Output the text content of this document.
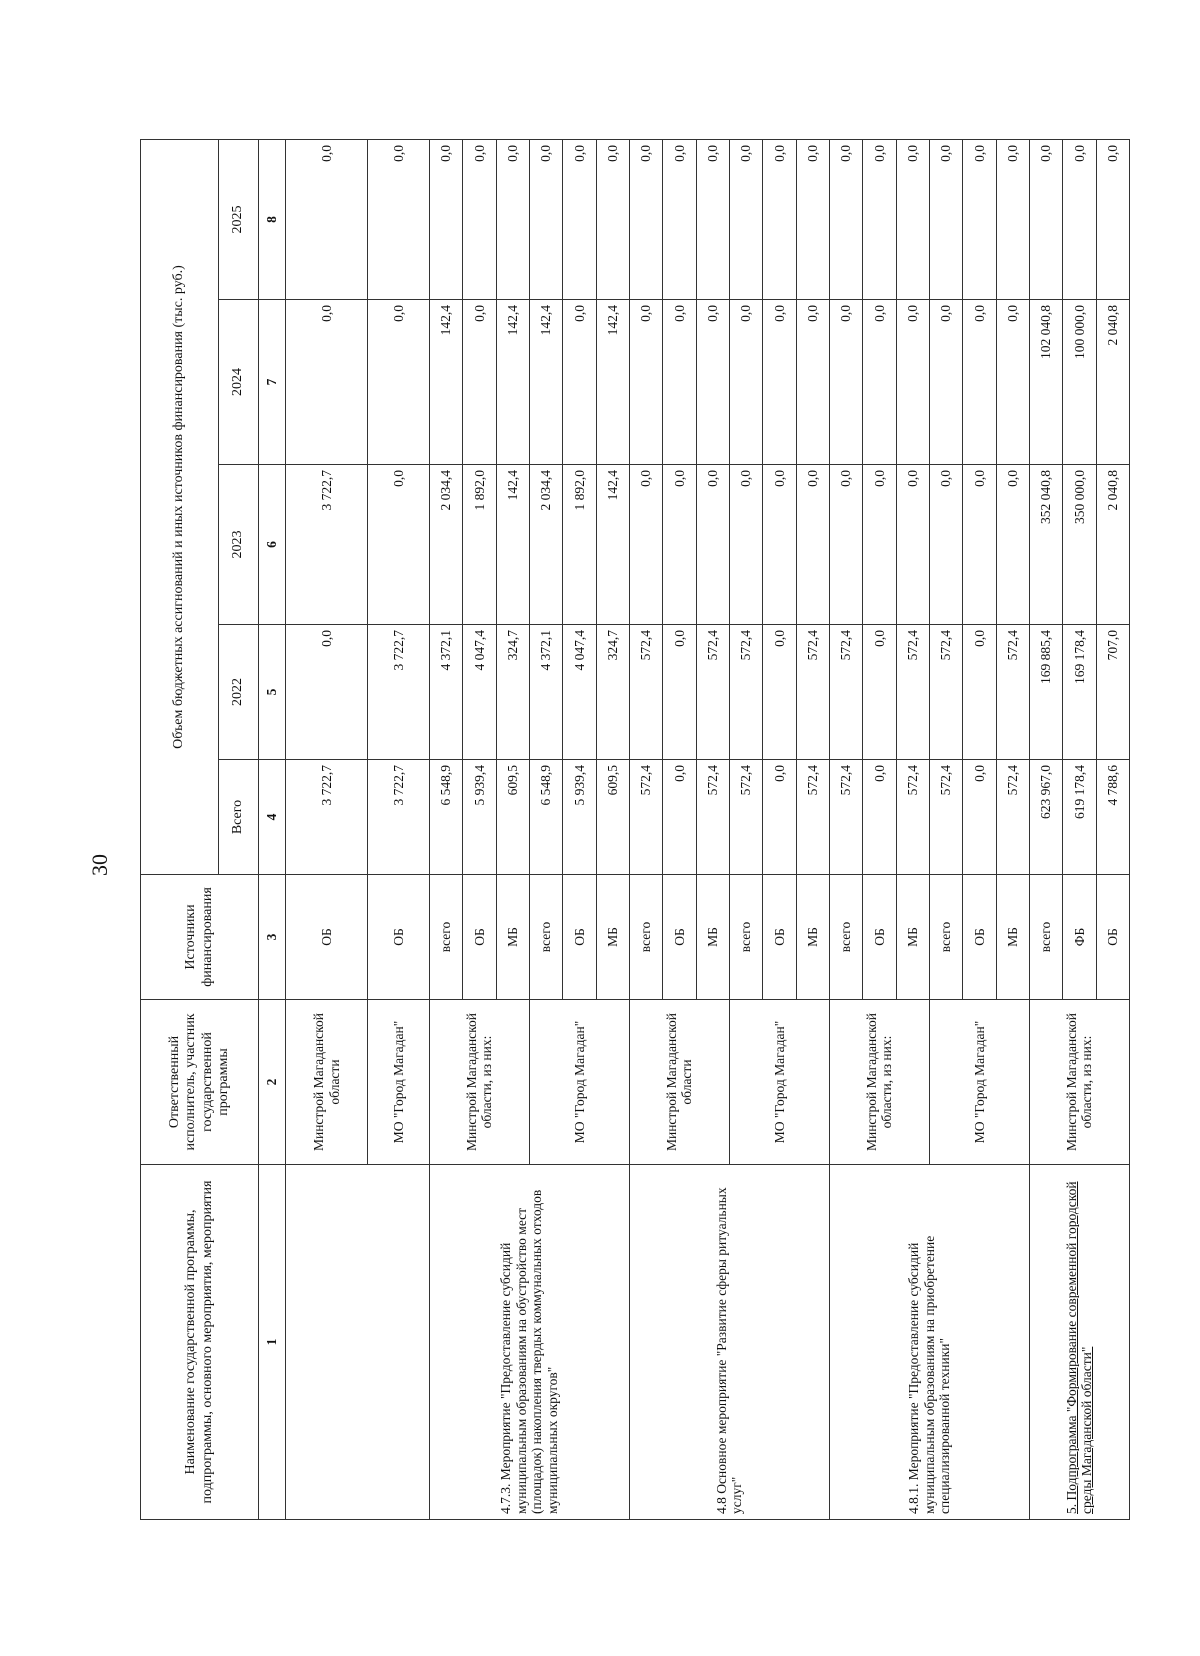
30
Наименование государственной программы, подпрограммы, основного мероприятия, мероприятия	Ответственный исполнитель, участник государственной программы	Источники финансирования	Объем бюджетных ассигнований и иных источников финансирования (тыс. руб.)				
			Всего	2022	2023	2024	2025
1	2	3	4	5	6	7	8
	Минстрой Магаданской области	ОБ	3 722,7	0,0	3 722,7	0,0	0,0
	МО "Город Магадан"	ОБ	3 722,7	3 722,7	0,0	0,0	0,0
4.7.3. Мероприятие "Предоставление субсидий муниципальным образованиям на обустройство мест (площадок) накопления твердых коммунальных отходов муниципальных округов"	Минстрой Магаданской области, из них:	всего	6 548,9	4 372,1	2 034,4	142,4	0,0
		ОБ	5 939,4	4 047,4	1 892,0	0,0	0,0
		МБ	609,5	324,7	142,4	142,4	0,0
	МО "Город Магадан"	всего	6 548,9	4 372,1	2 034,4	142,4	0,0
		ОБ	5 939,4	4 047,4	1 892,0	0,0	0,0
		МБ	609,5	324,7	142,4	142,4	0,0
4.8 Основное мероприятие "Развитие сферы ритуальных услуг"	Минстрой Магаданской области	всего	572,4	572,4	0,0	0,0	0,0
		ОБ	0,0	0,0	0,0	0,0	0,0
		МБ	572,4	572,4	0,0	0,0	0,0
	МО "Город Магадан"	всего	572,4	572,4	0,0	0,0	0,0
		ОБ	0,0	0,0	0,0	0,0	0,0
		МБ	572,4	572,4	0,0	0,0	0,0
4.8.1. Мероприятие "Предоставление субсидий муниципальным образованиям на приобретение специализированной техники"	Минстрой Магаданской области, из них:	всего	572,4	572,4	0,0	0,0	0,0
		ОБ	0,0	0,0	0,0	0,0	0,0
		МБ	572,4	572,4	0,0	0,0	0,0
	МО "Город Магадан"	всего	572,4	572,4	0,0	0,0	0,0
		ОБ	0,0	0,0	0,0	0,0	0,0
		МБ	572,4	572,4	0,0	0,0	0,0
5. Подпрограмма "Формирование современной городской среды Магаданской области"	Минстрой Магаданской области, из них:	всего	623 967,0	169 885,4	352 040,8	102 040,8	0,0
		ФБ	619 178,4	169 178,4	350 000,0	100 000,0	0,0
		ОБ	4 788,6	707,0	2 040,8	2 040,8	0,0
